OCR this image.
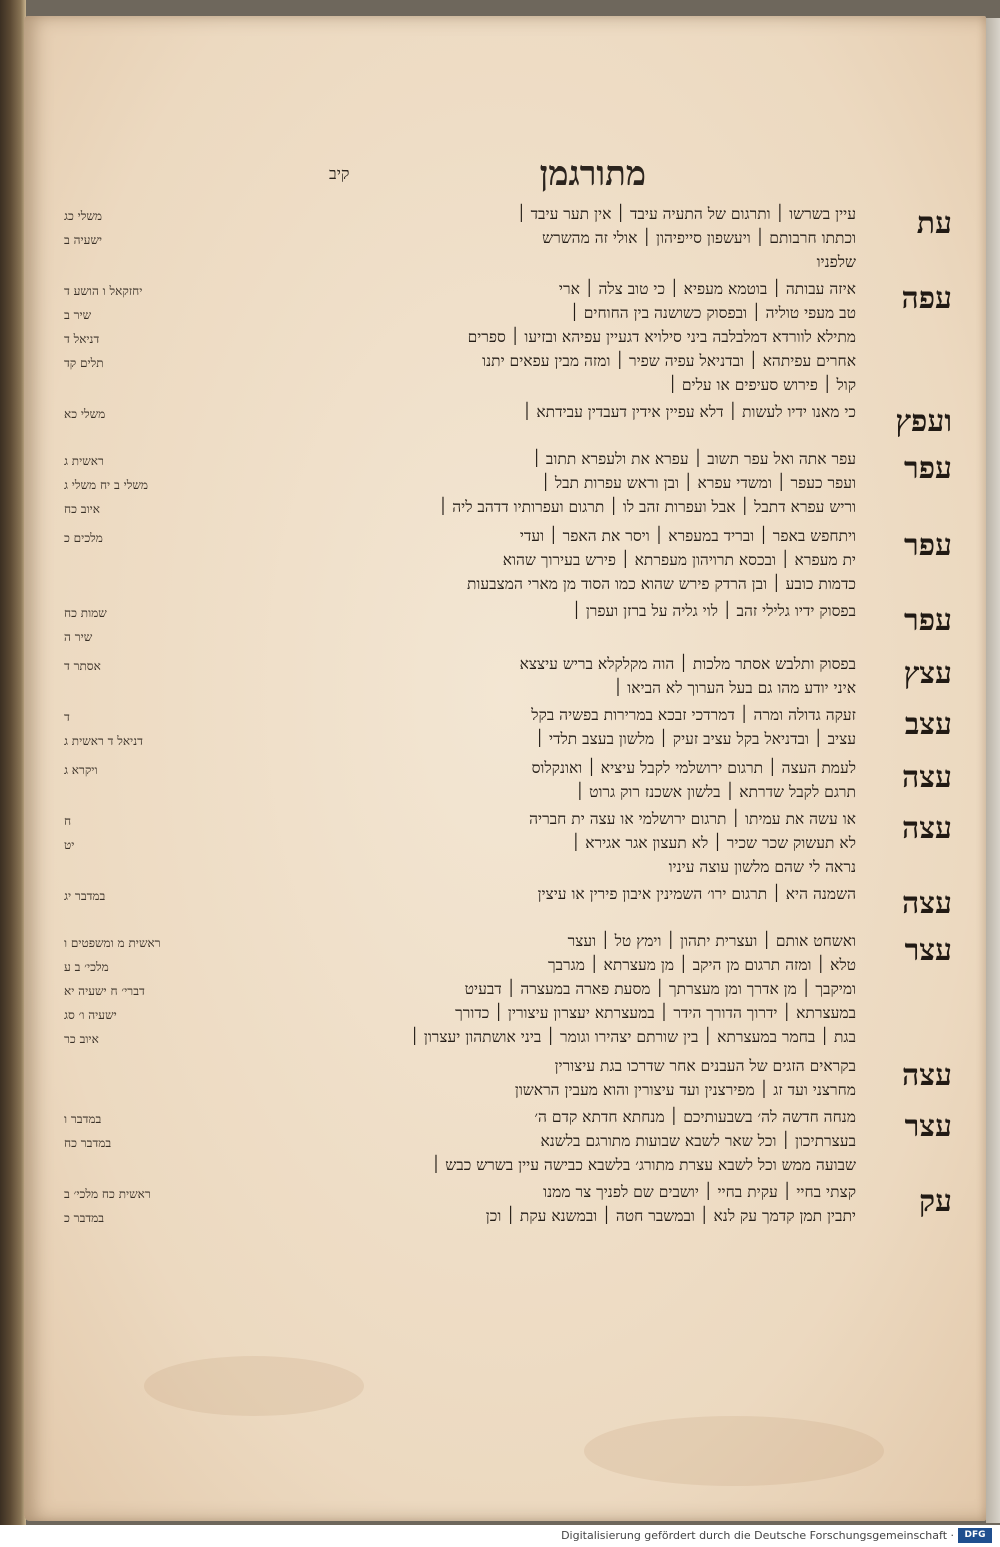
מתורגמן
קיב
משלי כג
ישעיה ב
עיין בשרשו ׀ ותרגום של התעיה עיבד ׀ אין תער עיבד ׀
וכתתו חרבותם ׀ ויעשפון סייפיהון ׀ אולי זה מהשרש
שלפניו
עת
יחזקאל ו הושע ד
שיר ב
דניאל ד
תלים קד
איזה עבותה ׀ בוטמא מעפיא ׀ כי טוב צלה ׀ ארי
טב מעפי טוליה ׀ ובפסוק כשושנה בין החוחים ׀
מתילא לוורדא דמלבלבה ביני סילויא דגעיין עפיהא ובזיעו ׀ ספרים
אחרים עפיתהא ׀ ובדניאל עפיה שפיר ׀ ומזה מבין עפאים יתנו
קול ׀ פירוש סעיפים או עלים ׀
עפה
משלי כא	כי מאנו ידיו לעשות ׀ דלא עפיין אידין דעבדין עבידתא ׀	ועפץ
ראשית ג
משלי ב יח משלי ג
איוב כח
עפר אתה ואל עפר תשוב ׀ עפרא את ולעפרא תתוב ׀
ועפר כעפר ׀ ומשדי עפרא ׀ ובן וראש עפרות תבל ׀
וריש עפרא דתבל ׀ אבל ועפרות זהב לו ׀ תרגום ועפרותיו דדהב ליה ׀
עפר
מלכים כ	ויתחפש באפר ׀ ובריד במעפרא ׀ ויסר את האפר ׀ ועדי
ית מעפרא ׀ ובכסא תרויהון מעפרתא ׀ פירש בעירוך שהוא
כדמות כובע ׀ ובן הרדק פירש שהוא כמו הסוד מן מארי המצבעות
עפר
שמות כח
שיר ה
בפסוק ידיו גלילי זהב ׀ לוי גליה על ברזן ועפרן ׀	עפר
אסתר ד	בפסוק ותלבש אסתר מלכות ׀ הוה מקלקלא בריש עיצצא
איני יודע מהו גם בעל הערוך לא הביאו ׀	עצץ
ד
דניאל ד ראשית ג
זעקה גדולה ומרה ׀ דמרדכי זבכא במרירות בפשיה בקל
עציב ׀ ובדניאל בקל עציב זעיק ׀ מלשון בעצב תלדי ׀	עצב
ויקרא ג	לעמת העצה ׀ תרגום ירושלמי לקבל עיציא ׀ ואונקלוס
תרגם לקבל שדרתא ׀ בלשון אשכנז רוק גרוט ׀	עצה
ח
יט
או עשה את עמיתו ׀ תרגום ירושלמי או עצה ית חבריה
לא תעשוק שכר שכיר ׀ לא תעצון אגר אגירא ׀
נראה לי שהם מלשון עוצה עיניו
עצה
במדבר יג	השמנה היא ׀ תרגום ירו׳ השמינין איבון פירין או עיצין	עצה
ראשית מ ומשפטים ו
מלכי׳ ב ע
דברי׳ ח ישעיה יא
ישעיה ו׳ סג
איוב כר
ואשחט אותם ׀ ועצרית יתהון ׀ וימץ טל ׀ ועצר
טלא ׀ ומזה תרגום מן היקב ׀ מן מעצרתא ׀ מגרבך
ומיקבך ׀ מן אדרך ומן מעצרתך ׀ מסעת פארה במעצרה ׀ דבעיט
במעצרתא ׀ ידרוך הדורך הידר ׀ במעצרתא יעצרון עיצורין ׀ כדורך
בגת ׀ בחמר במעצרתא ׀ בין שורתם יצהירו וגומר ׀ ביני אושתהון יעצרון ׀
עצר
בקראים הזגים של העבנים אחר שדרכו בגת עיצורין
מחרצני ועד זג ׀ מפירצנין ועד עיצורין והוא מעבין הראשון	עצה
במדבר ו
במדבר כח
מנחה חדשה לה׳ בשבעותיכם ׀ מנחתא חדתא קדם ה׳
בעצרתיכון ׀ וכל שאר לשבא שבועות מתורגם בלשנא
שבועה ממש וכל לשבא עצרת מתורג׳ בלשבא כבישה עיין בשרש כבש ׀
עצר
ראשית כח מלכי׳ ב
במדבר כ
קצתי בחיי ׀ עקית בחיי ׀ יושבים שם לפניך צר ממנו
יתבין תמן קדמך עק לנא ׀ ובמשבר חטה ׀ ובמשנא עקת ׀ וכן	עק
Digitalisierung gefördert durch die Deutsche Forschungsgemeinschaft ·	DFG
